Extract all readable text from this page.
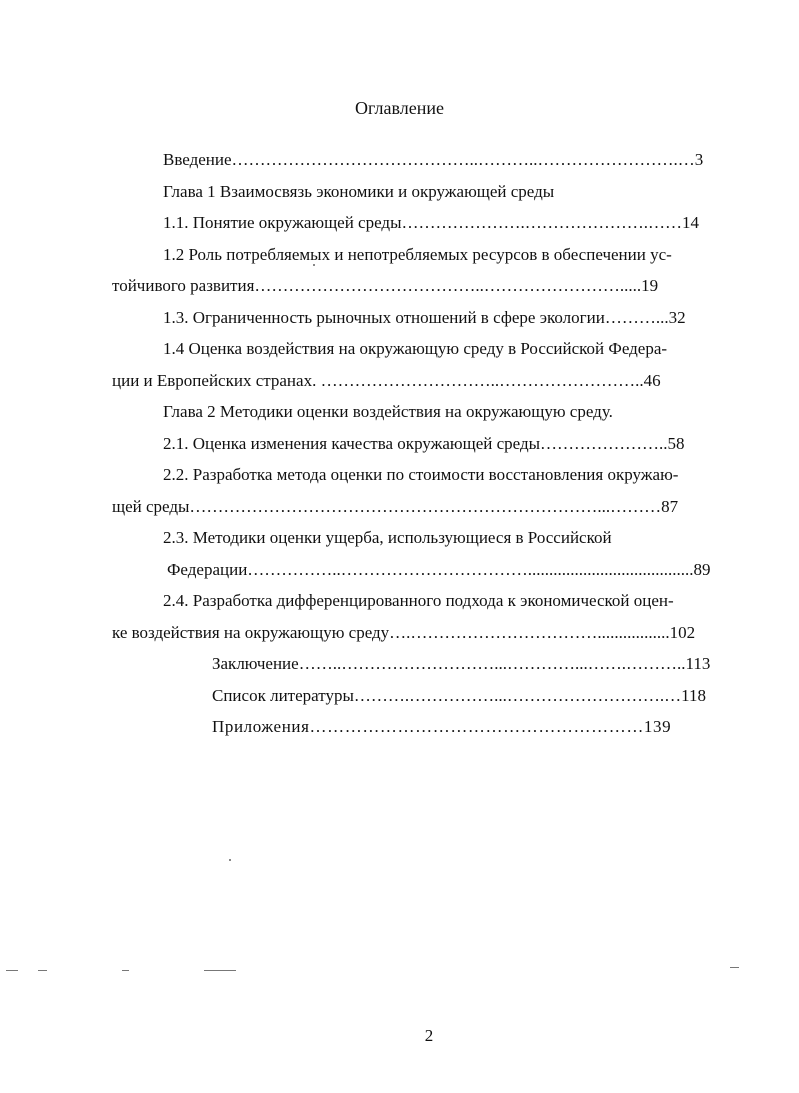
Оглавление
Введение……………………………………..………..…………………….…3
Глава 1 Взаимосвязь экономики и окружающей среды
1.1. Понятие окружающей среды………………….………………….……14
1.2 Роль потребляемых и непотребляемых ресурсов в обеспечении ус-
тойчивого развития…………………………………..…………………….....19
1.3. Ограниченность рыночных отношений в сфере экологии………...32
1.4 Оценка воздействия на окружающую среду в Российской Федера-
ции и Европейских странах. …………………………..……………………..46
Глава 2 Методики оценки воздействия на окружающую среду.
2.1. Оценка изменения качества окружающей среды…………………..58
2.2. Разработка метода оценки по стоимости восстановления окружаю-
щей среды………………………………………………………………...………87
2.3. Методики оценки ущерба, использующиеся в Российской
Федерации……………..…………………………….......................................89
2.4. Разработка дифференцированного подхода к экономической оцен-
ке воздействия на окружающую среду….…………………………….................102
Заключение……..………………………...…………...…….………..113
Список литературы……….……………...……………………….…118
Приложения…………………………………………………139
2
